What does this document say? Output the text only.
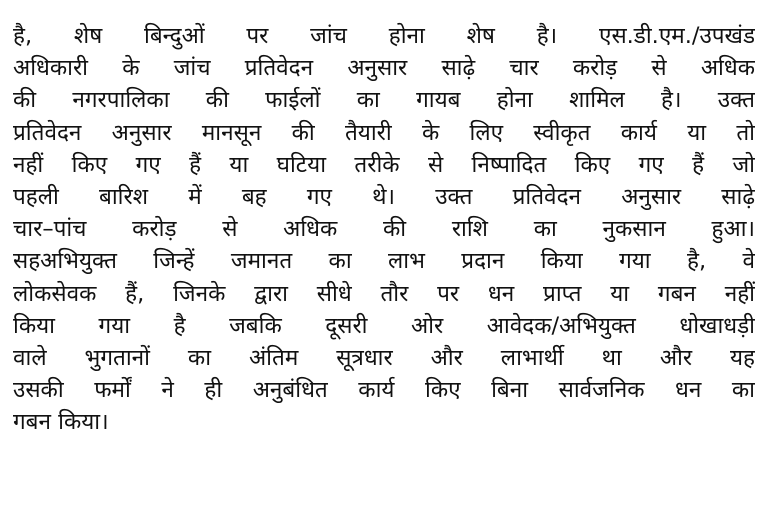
है, शेष बिन्दुओं पर जांच होना शेष है। एस.डी.एम./उपखंड
अधिकारी के जांच प्रतिवेदन अनुसार साढ़े चार करोड़ से अधिक
की नगरपालिका की फाईलों का गायब होना शामिल है। उक्त
प्रतिवेदन अनुसार मानसून की तैयारी के लिए स्वीकृत कार्य या तो
नहीं किए गए हैं या घटिया तरीके से निष्पादित किए गए हैं जो
पहली बारिश में बह गए थे। उक्त प्रतिवेदन अनुसार साढ़े
चार–पांच करोड़ से अधिक की राशि का नुकसान हुआ।
सहअभियुक्त जिन्हें जमानत का लाभ प्रदान किया गया है, वे
लोकसेवक हैं, जिनके द्वारा सीधे तौर पर धन प्राप्त या गबन नहीं
किया गया है जबकि दूसरी ओर आवेदक/अभियुक्त धोखाधड़ी
वाले भुगतानों का अंतिम सूत्रधार और लाभार्थी था और यह
उसकी फर्मों ने ही अनुबंधित कार्य किए बिना सार्वजनिक धन का
गबन किया।
